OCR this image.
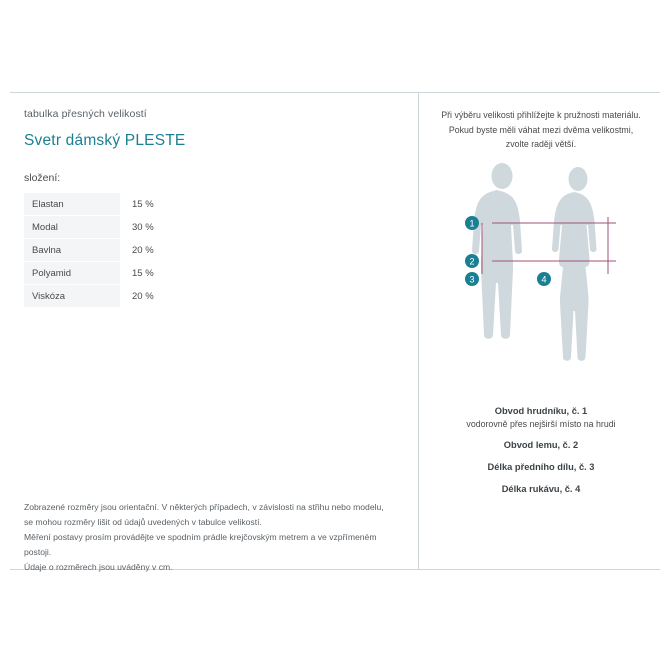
tabulka přesných velikostí
Svetr dámský PLESTE
složení:
Elastan	15 %
Modal	30 %
Bavlna	20 %
Polyamid	15 %
Viskóza	20 %
Zobrazené rozměry jsou orientační. V některých případech, v závislosti na střihu nebo modelu,
se mohou rozměry lišit od údajů uvedených v tabulce velikostí.
Měření postavy prosím provádějte ve spodním prádle krejčovským metrem a ve vzpřímeném postoji.
Údaje o rozměrech jsou uváděny v cm.
Při výběru velikosti přihlížejte k pružnosti materiálu.
Pokud byste měli váhat mezi dvěma velikostmi,
zvolte raději větší.
1
2
3	4
Obvod hrudníku, č. 1
vodorovně přes nejširší místo na hrudi
Obvod lemu, č. 2
Délka předního dílu, č. 3
Délka rukávu, č. 4
